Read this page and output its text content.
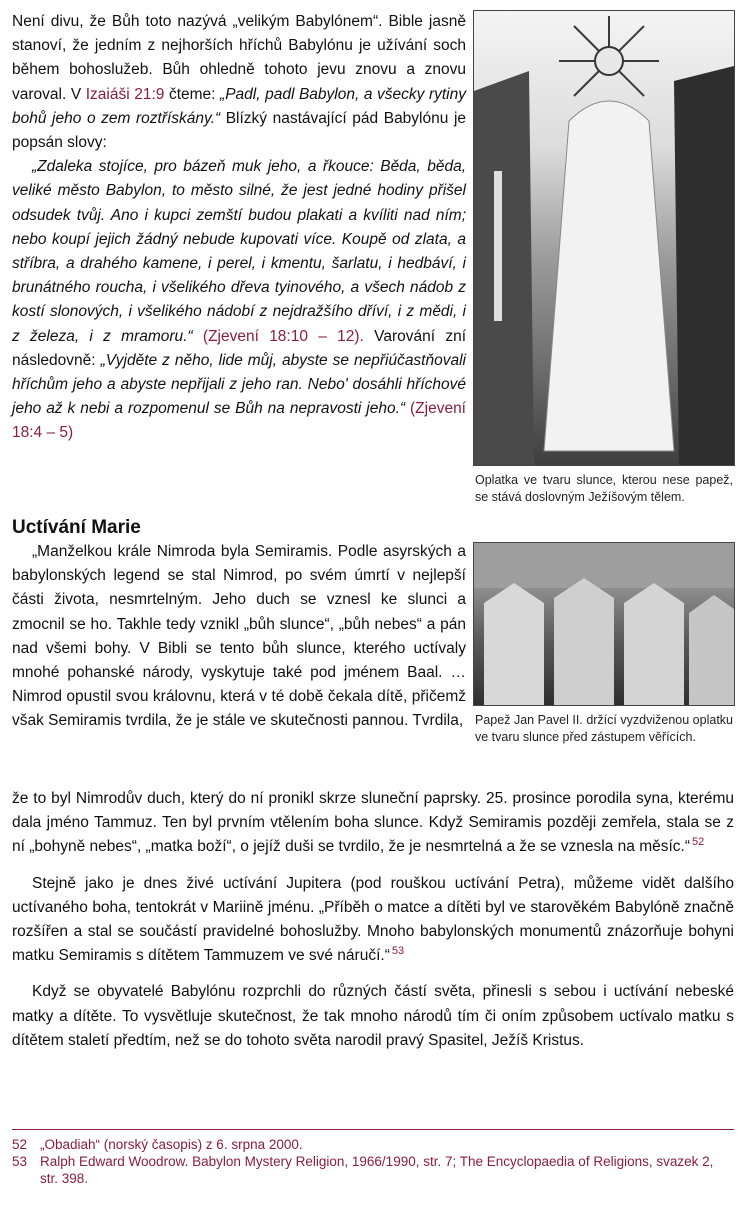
Není divu, že Bůh toto nazývá „velikým Babylónem“. Bible jasně stanoví, že jedním z nejhorších hříchů Babylónu je užívání soch během bohoslužeb. Bůh ohledně tohoto jevu znovu a znovu varoval. V Izaiáši 21:9 čteme: „Padl, padl Babylon, a všecky rytiny bohů jeho o zem roztřískány.“ Blízký nastávající pád Babylónu je popsán slovy:

„Zdaleka stojíce, pro bázeň muk jeho, a řkouce: Běda, běda, veliké město Babylon, to město silné, že jest jedné hodiny přišel odsudek tvůj. Ano i kupci zemští budou plakati a kvíliti nad ním; nebo koupí jejich žádný nebude kupovati více. Koupě od zlata, a stříbra, a drahého kamene, i perel, i kmentu, šarlatu, i hedbáví, i brunátného roucha, i všelikého dřeva tyinového, a všech nádob z kostí slonových, i všelikého nádobí z nejdražšího dříví, i z mědi, i z železa, i z mramoru.“ (Zjevení 18:10 – 12). Varování zní následovně: „Vyjděte z něho, lide můj, abyste se nepřiúčastňovali hříchům jeho a abyste nepřijali z jeho ran. Nebo' dosáhli hříchové jeho až k nebi a rozpomenul se Bůh na nepravosti jeho.“ (Zjevení 18:4 – 5)

Uctívání Marie

„Manželkou krále Nimroda byla Semiramis. Podle asyrských a babylonských legend se stal Nimrod, po svém úmrtí v nejlepší části života, nesmrtelným. Jeho duch se vznesl ke slunci a zmocnil se ho. Takhle tedy vznikl „bůh slunce“, „bůh nebes“ a pán nad všemi bohy. V Bibli se tento bůh slunce, kterého uctívaly mnohé pohanské národy, vyskytuje také pod jménem Baal. … Nimrod opustil svou královnu, která v té době čekala dítě, přičemž však Semiramis tvrdila, že je stále ve skutečnosti pannou. Tvrdila,

že to byl Nimrodův duch, který do ní pronikl skrze sluneční paprsky. 25. prosince porodila syna, kterému dala jméno Tammuz. Ten byl prvním vtělením boha slunce. Když Semiramis později zemřela, stala se z ní „bohyně nebes“, „matka boží“, o jejíž duši se tvrdilo, že je nesmrtelná a že se vznesla na měsíc.“ $^{52}$

Stejně jako je dnes živé uctívání Jupitera (pod rouškou uctívání Petra), můžeme vidět dalšího uctívaného boha, tentokrát v Mariině jménu. „Příběh o matce a dítěti byl ve starověkém Babylóně značně rozšířen a stal se součástí pravidelné bohoslužby. Mnoho babylonských monumentů znázorňuje bohyni matku Semiramis s dítětem Tammuzem ve své náručí.“ $^{53}$

Když se obyvatelé Babylónu rozprchli do různých částí světa, přinesli s sebou i uctívání nebeské matky a dítěte. To vysvětluje skutečnost, že tak mnoho národů tím či oním způsobem uctívalo matku s dítětem staletí předtím, než se do tohoto světa narodil pravý Spasitel, Ježíš Kristus.

Oplatka ve tvaru slunce, kterou nese papež, se stává doslovným Ježíšovým tělem.

Papež Jan Pavel II. držící vyzdviženou oplatku ve tvaru slunce před zástupem věřících.

52 „Obadiah“ (norský časopis) z 6. srpna 2000.
53 Ralph Edward Woodrow. Babylon Mystery Religion, 1966/1990, str. 7; The Encyclopaedia of Religions, svazek 2, str. 398.
